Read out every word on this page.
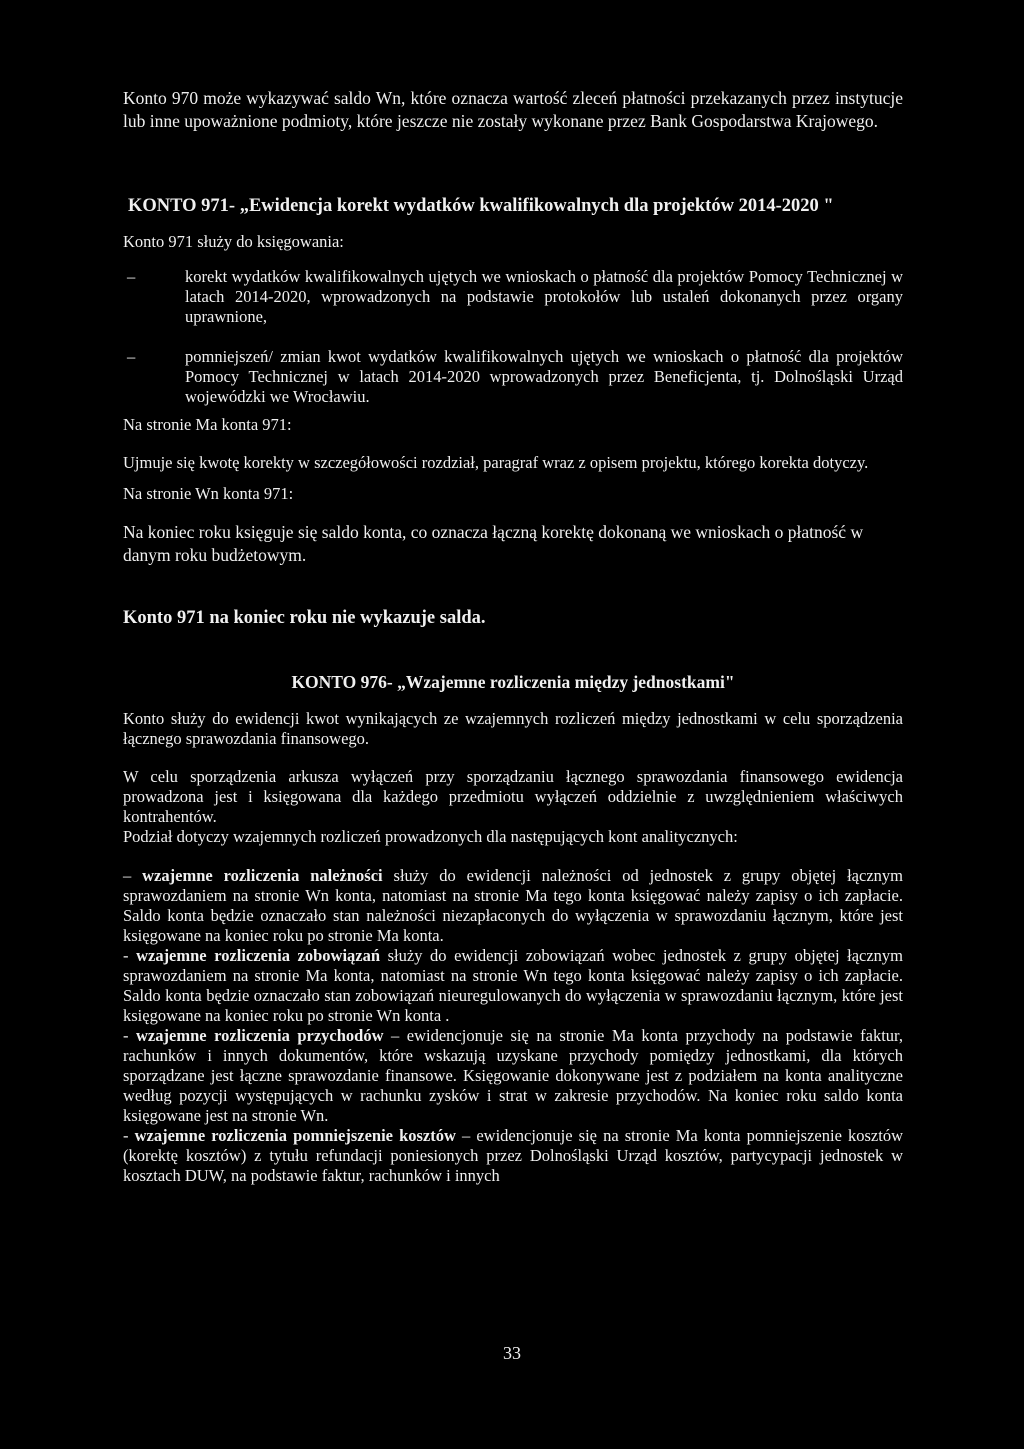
Konto 970 może wykazywać saldo Wn, które oznacza wartość zleceń płatności przekazanych przez instytucje lub inne upoważnione podmioty, które jeszcze nie zostały wykonane przez Bank Gospodarstwa Krajowego.

KONTO 971- „Ewidencja korekt wydatków kwalifikowalnych dla projektów 2014-2020 "

Konto 971 służy do księgowania:

–	korekt wydatków kwalifikowalnych ujętych we wnioskach o płatność dla projektów Pomocy Technicznej w latach 2014-2020, wprowadzonych na podstawie protokołów lub ustaleń dokonanych przez organy uprawnione,
–	pomniejszeń/ zmian kwot wydatków kwalifikowalnych ujętych we wnioskach o płatność dla projektów Pomocy Technicznej w latach 2014-2020 wprowadzonych przez Beneficjenta, tj. Dolnośląski Urząd wojewódzki we Wrocławiu.

Na stronie Ma konta 971:

Ujmuje się kwotę korekty w szczegółowości rozdział, paragraf wraz z opisem projektu, którego korekta dotyczy.

Na stronie Wn konta 971:

Na koniec roku księguje się saldo konta, co oznacza łączną korektę dokonaną we wnioskach o płatność w danym roku budżetowym.

Konto 971 na koniec roku nie wykazuje salda.

KONTO 976- „Wzajemne rozliczenia między jednostkami"

Konto służy do ewidencji kwot wynikających ze wzajemnych rozliczeń między jednostkami w celu sporządzenia łącznego sprawozdania finansowego.

W celu sporządzenia arkusza wyłączeń przy sporządzaniu łącznego sprawozdania finansowego ewidencja prowadzona jest i księgowana dla każdego przedmiotu wyłączeń oddzielnie z uwzględnieniem właściwych kontrahentów.

Podział dotyczy wzajemnych rozliczeń prowadzonych dla następujących kont analitycznych:

– wzajemne rozliczenia należności służy do ewidencji należności od jednostek z grupy objętej łącznym sprawozdaniem na stronie Wn konta, natomiast na stronie Ma tego konta księgować należy zapisy o ich zapłacie. Saldo konta będzie oznaczało stan należności niezapłaconych do wyłączenia w sprawozdaniu łącznym, które jest księgowane na koniec roku po stronie Ma konta.

- wzajemne rozliczenia zobowiązań służy do ewidencji zobowiązań wobec jednostek z grupy objętej łącznym sprawozdaniem na stronie Ma konta, natomiast na stronie Wn tego konta księgować należy zapisy o ich zapłacie. Saldo konta będzie oznaczało stan zobowiązań nieuregulowanych do wyłączenia w sprawozdaniu łącznym, które jest księgowane na koniec roku po stronie Wn konta .

- wzajemne rozliczenia przychodów – ewidencjonuje się na stronie Ma konta przychody na podstawie faktur, rachunków i innych dokumentów, które wskazują uzyskane przychody pomiędzy jednostkami, dla których sporządzane jest łączne sprawozdanie finansowe. Księgowanie dokonywane jest z podziałem na konta analityczne według pozycji występujących w rachunku zysków i strat w zakresie przychodów. Na koniec roku saldo konta księgowane jest na stronie Wn.

- wzajemne rozliczenia pomniejszenie kosztów – ewidencjonuje się na stronie Ma konta pomniejszenie kosztów (korektę kosztów) z tytułu refundacji poniesionych przez Dolnośląski Urząd kosztów, partycypacji jednostek w kosztach DUW, na podstawie faktur, rachunków i innych

33
